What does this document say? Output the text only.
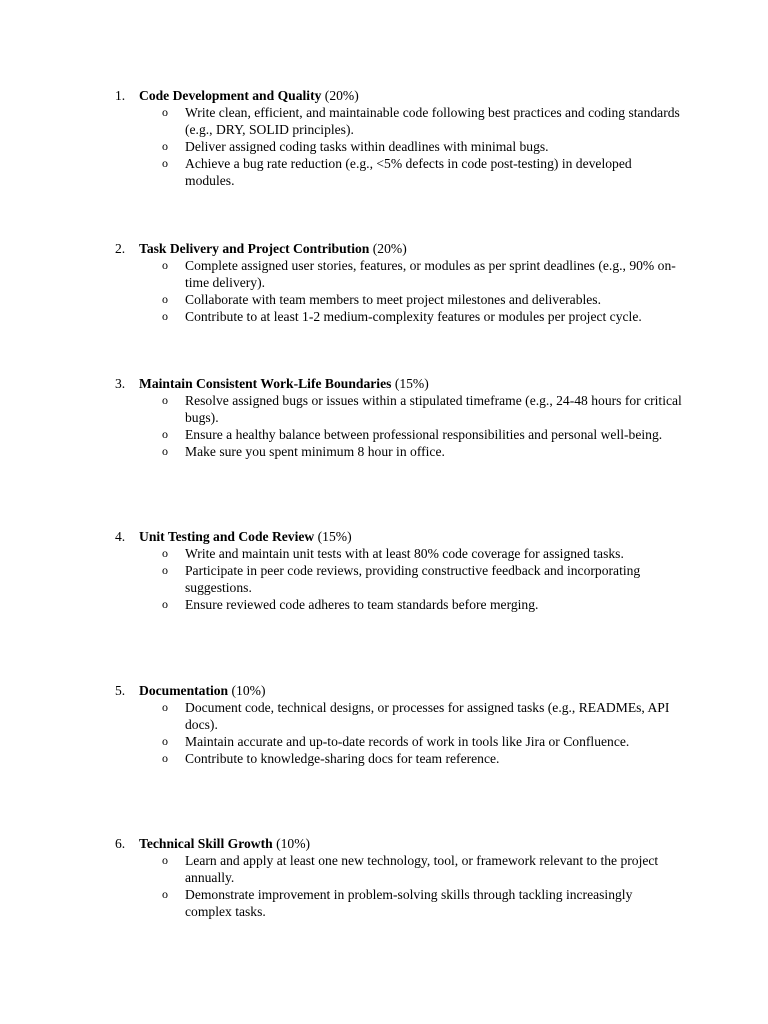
1. Code Development and Quality (20%)
o Write clean, efficient, and maintainable code following best practices and coding standards (e.g., DRY, SOLID principles).
o Deliver assigned coding tasks within deadlines with minimal bugs.
o Achieve a bug rate reduction (e.g., <5% defects in code post-testing) in developed modules.
2. Task Delivery and Project Contribution (20%)
o Complete assigned user stories, features, or modules as per sprint deadlines (e.g., 90% on-time delivery).
o Collaborate with team members to meet project milestones and deliverables.
o Contribute to at least 1-2 medium-complexity features or modules per project cycle.
3. Maintain Consistent Work-Life Boundaries (15%)
o Resolve assigned bugs or issues within a stipulated timeframe (e.g., 24-48 hours for critical bugs).
o Ensure a healthy balance between professional responsibilities and personal well-being.
o Make sure you spent minimum 8 hour in office.
4. Unit Testing and Code Review (15%)
o Write and maintain unit tests with at least 80% code coverage for assigned tasks.
o Participate in peer code reviews, providing constructive feedback and incorporating suggestions.
o Ensure reviewed code adheres to team standards before merging.
5. Documentation (10%)
o Document code, technical designs, or processes for assigned tasks (e.g., READMEs, API docs).
o Maintain accurate and up-to-date records of work in tools like Jira or Confluence.
o Contribute to knowledge-sharing docs for team reference.
6. Technical Skill Growth (10%)
o Learn and apply at least one new technology, tool, or framework relevant to the project annually.
o Demonstrate improvement in problem-solving skills through tackling increasingly complex tasks.
